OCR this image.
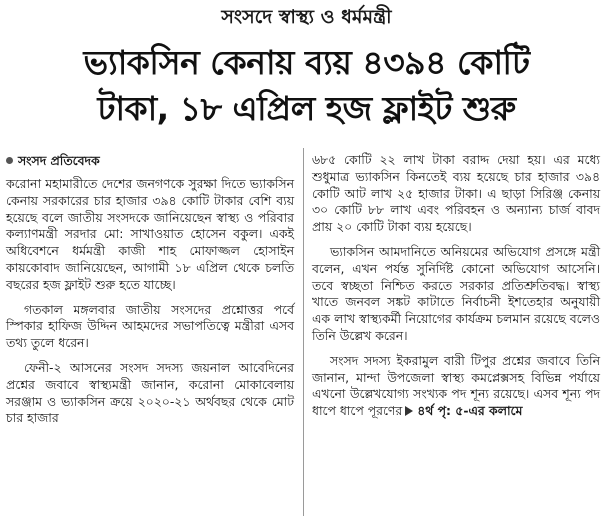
সংসদে স্বাস্থ্য ও ধর্মমন্ত্রী
ভ্যাকসিন কেনায় ব্যয় ৪৩৯৪ কোটি
টাকা, ১৮ এপ্রিল হজ ফ্লাইট শুরু
সংসদ প্রতিবেদক

করোনা মহামারীতে দেশের জনগণকে সুরক্ষা দিতে ভ্যাকসিন কেনায় সরকারের চার হাজার ৩৯৪ কোটি টাকার বেশি ব্যয় হয়েছে বলে জাতীয় সংসদকে জানিয়েছেন স্বাস্থ্য ও পরিবার কল্যাণমন্ত্রী সরদার মো: সাখাওয়াত হোসেন বকুল। একই অধিবেশনে ধর্মমন্ত্রী কাজী শাহ মোফাজ্জল হোসাইন কায়কোবাদ জানিয়েছেন, আগামী ১৮ এপ্রিল থেকে চলতি বছরের হজ ফ্লাইট শুরু হতে যাচ্ছে।

গতকাল মঙ্গলবার জাতীয় সংসদের প্রশ্নোত্তর পর্বে স্পিকার হাফিজ উদ্দিন আহমদের সভাপতিত্বে মন্ত্রীরা এসব তথ্য তুলে ধরেন।

ফেনী-২ আসনের সংসদ সদস্য জয়নাল আবেদিনের প্রশ্নের জবাবে স্বাস্থ্যমন্ত্রী জানান, করোনা মোকাবেলায় সরঞ্জাম ও ভ্যাকসিন ক্রয়ে ২০২০-২১ অর্থবছর থেকে মোট চার হাজার

৬৮৫ কোটি ২২ লাখ টাকা বরাদ্দ দেয়া হয়। এর মধ্যে শুধুমাত্র ভ্যাকসিন কিনতেই ব্যয় হয়েছে চার হাজার ৩৯৪ কোটি আট লাখ ২৫ হাজার টাকা। এ ছাড়া সিরিঞ্জ কেনায় ৩০ কোটি ৮৮ লাখ এবং পরিবহন ও অন্যান্য চার্জ বাবদ প্রায় ২০ কোটি টাকা ব্যয় হয়েছে।

ভ্যাকসিন আমদানিতে অনিয়মের অভিযোগ প্রসঙ্গে মন্ত্রী বলেন, এখন পর্যন্ত সুনির্দিষ্ট কোনো অভিযোগ আসেনি। তবে স্বচ্ছতা নিশ্চিত করতে সরকার প্রতিশ্রুতিবদ্ধ। স্বাস্থ্য খাতে জনবল সঙ্কট কাটাতে নির্বাচনী ইশতেহার অনুযায়ী এক লাখ স্বাস্থ্যকর্মী নিয়োগের কার্যক্রম চলমান রয়েছে বলেও তিনি উল্লেখ করেন।

সংসদ সদস্য ইকরামুল বারী টিপুর প্রশ্নের জবাবে তিনি জানান, মান্দা উপজেলা স্বাস্থ্য কমপ্লেক্সসহ বিভিন্ন পর্যায়ে এখনো উল্লেখযোগ্য সংখ্যক পদ শূন্য রয়েছে। এসব শূন্য পদ ধাপে ধাপে পূরণের ৪র্থ পৃ: ৫-এর কলামে
